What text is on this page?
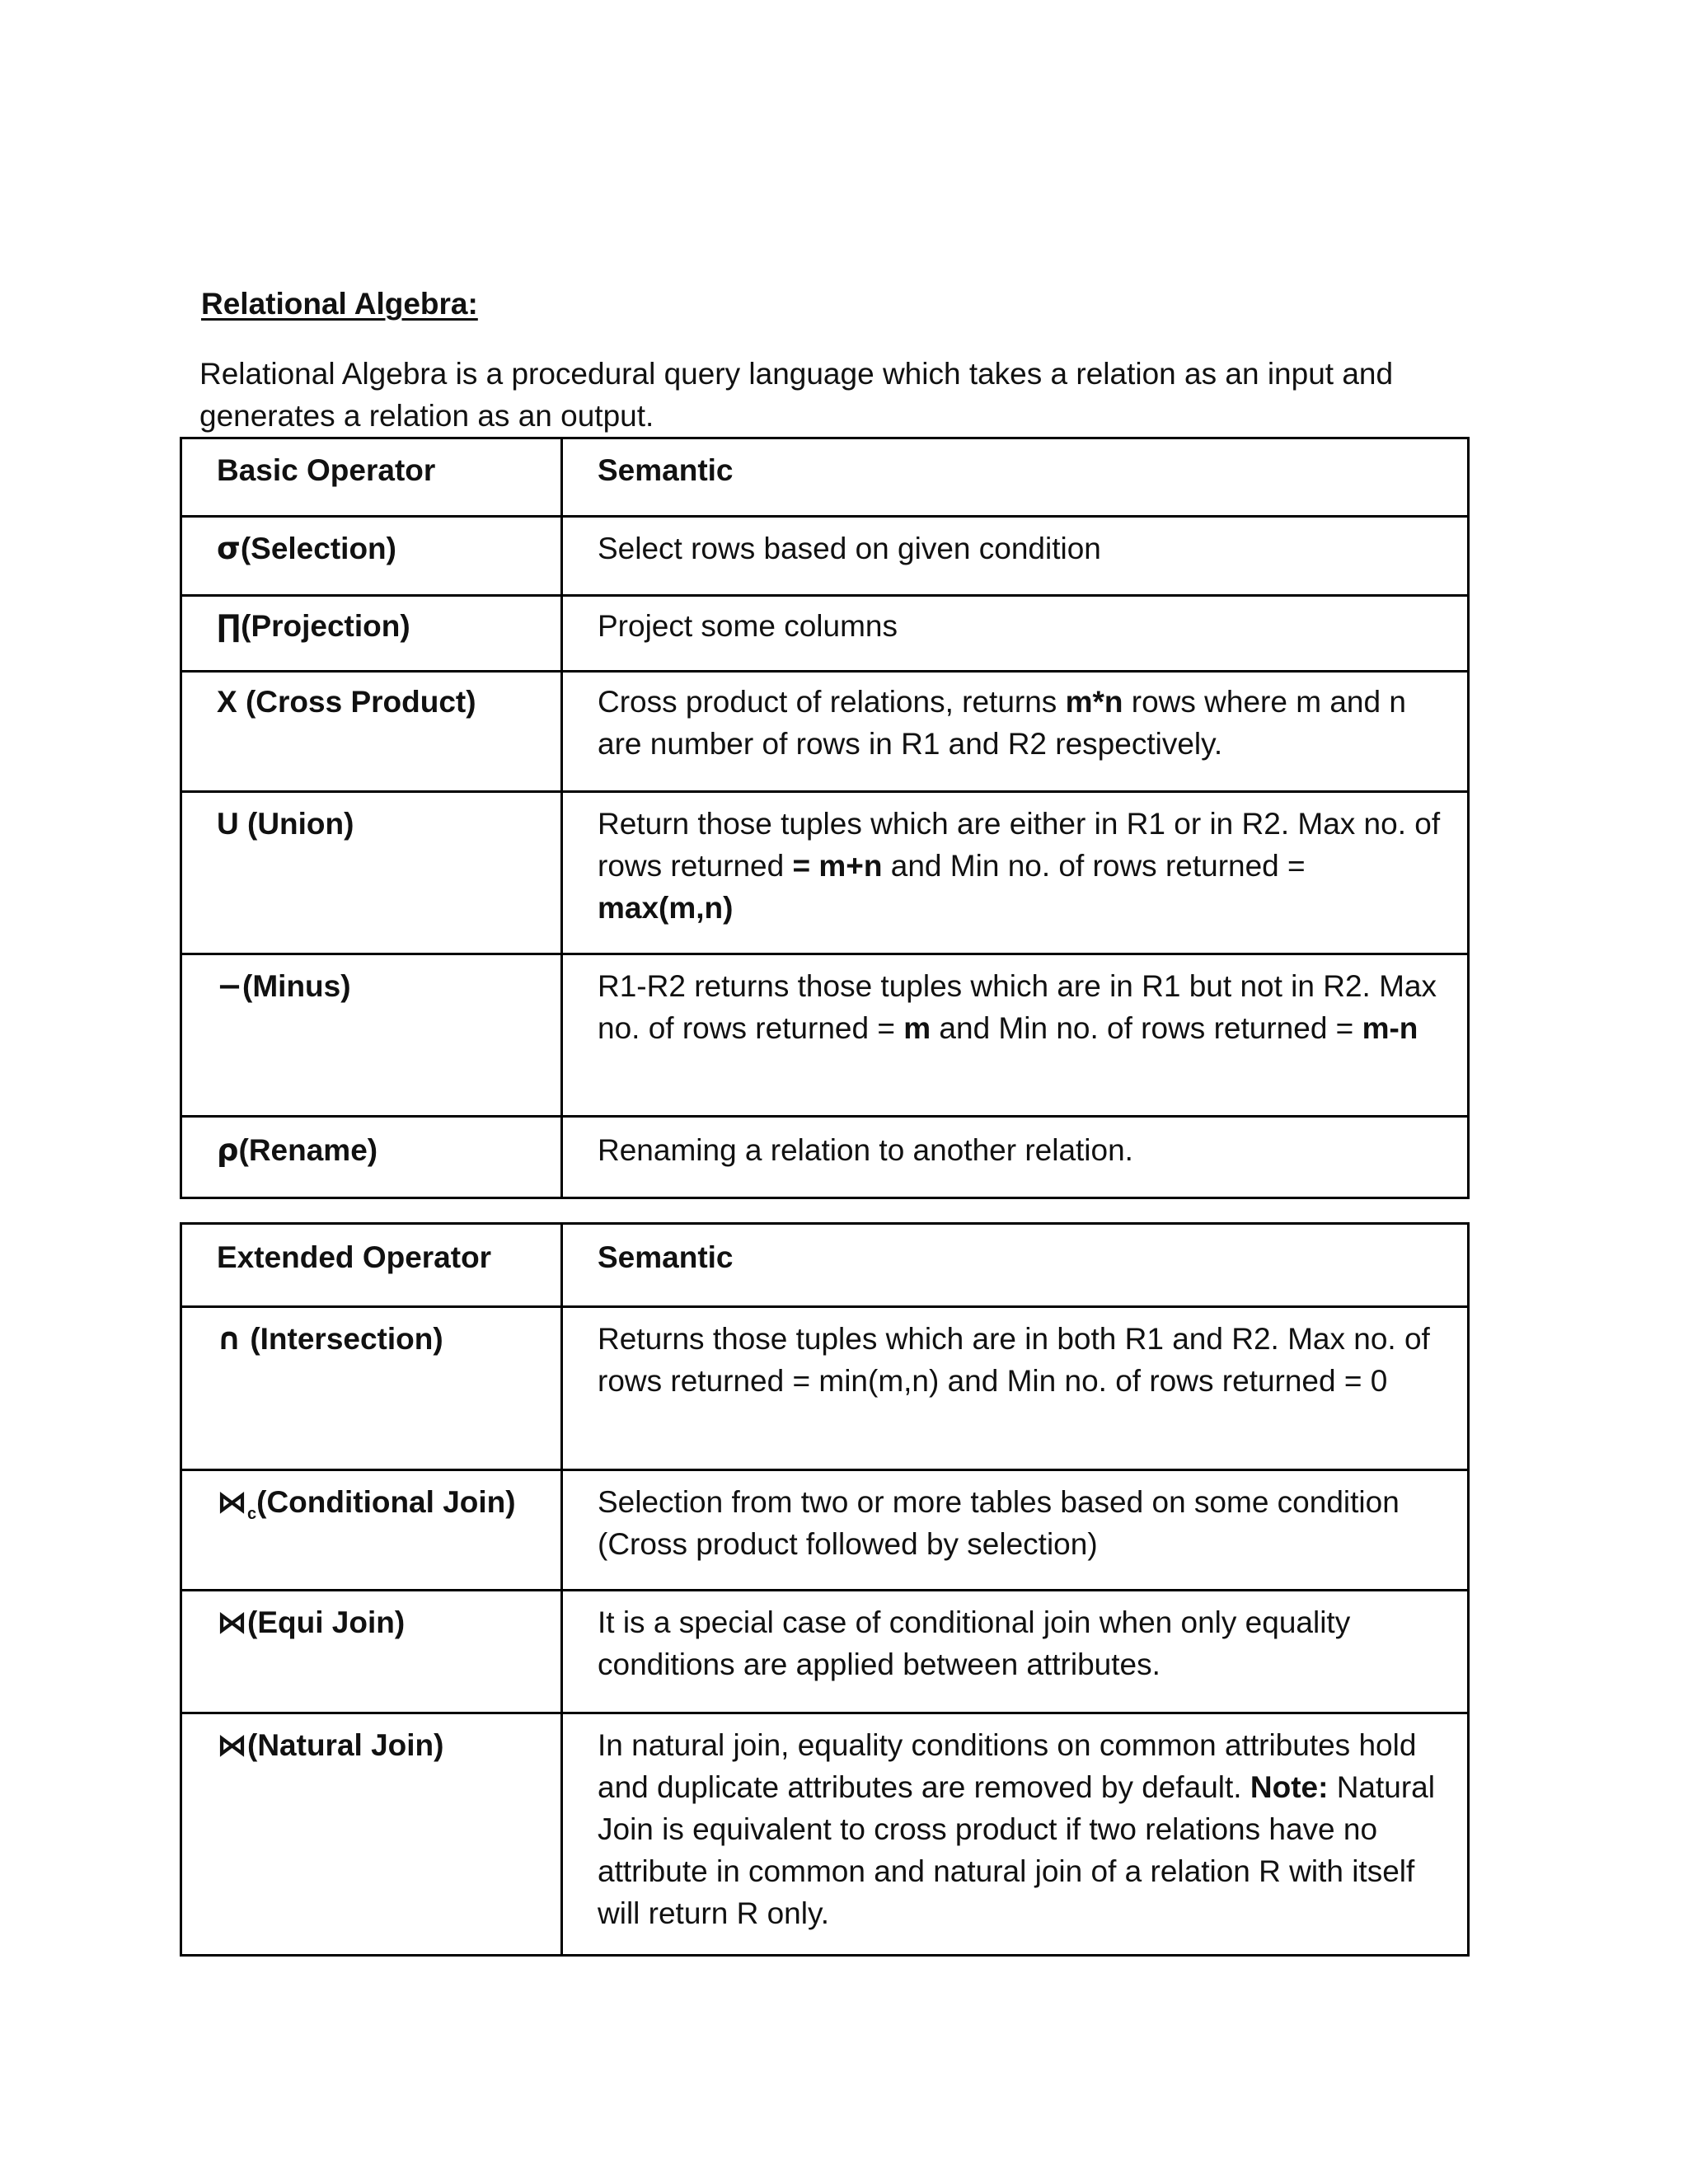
Relational Algebra:

Relational Algebra is a procedural query language which takes a relation as an input and generates a relation as an output.

Basic Operator	Semantic
σ(Selection)	Select rows based on given condition
∏(Projection)	Project some columns
X (Cross Product)	Cross product of relations, returns m*n rows where m and n are number of rows in R1 and R2 respectively.
U (Union)	Return those tuples which are either in R1 or in R2. Max no. of rows returned = m+n and Min no. of rows returned = max(m,n)
−(Minus)	R1-R2 returns those tuples which are in R1 but not in R2. Max no. of rows returned = m and Min no. of rows returned = m-n
ρ(Rename)	Renaming a relation to another relation.
Extended Operator	Semantic
∩ (Intersection)	Returns those tuples which are in both R1 and R2. Max no. of rows returned = min(m,n) and Min no. of rows returned = 0
$⋈_c(Conditional$ Join)	Selection from two or more tables based on some condition (Cross product followed by selection)
⋈(Equi Join)	It is a special case of conditional join when only equality conditions are applied between attributes.
⋈(Natural Join)	In natural join, equality conditions on common attributes hold and duplicate attributes are removed by default. Note: Natural Join is equivalent to cross product if two relations have no attribute in common and natural join of a relation R with itself will return R only.
